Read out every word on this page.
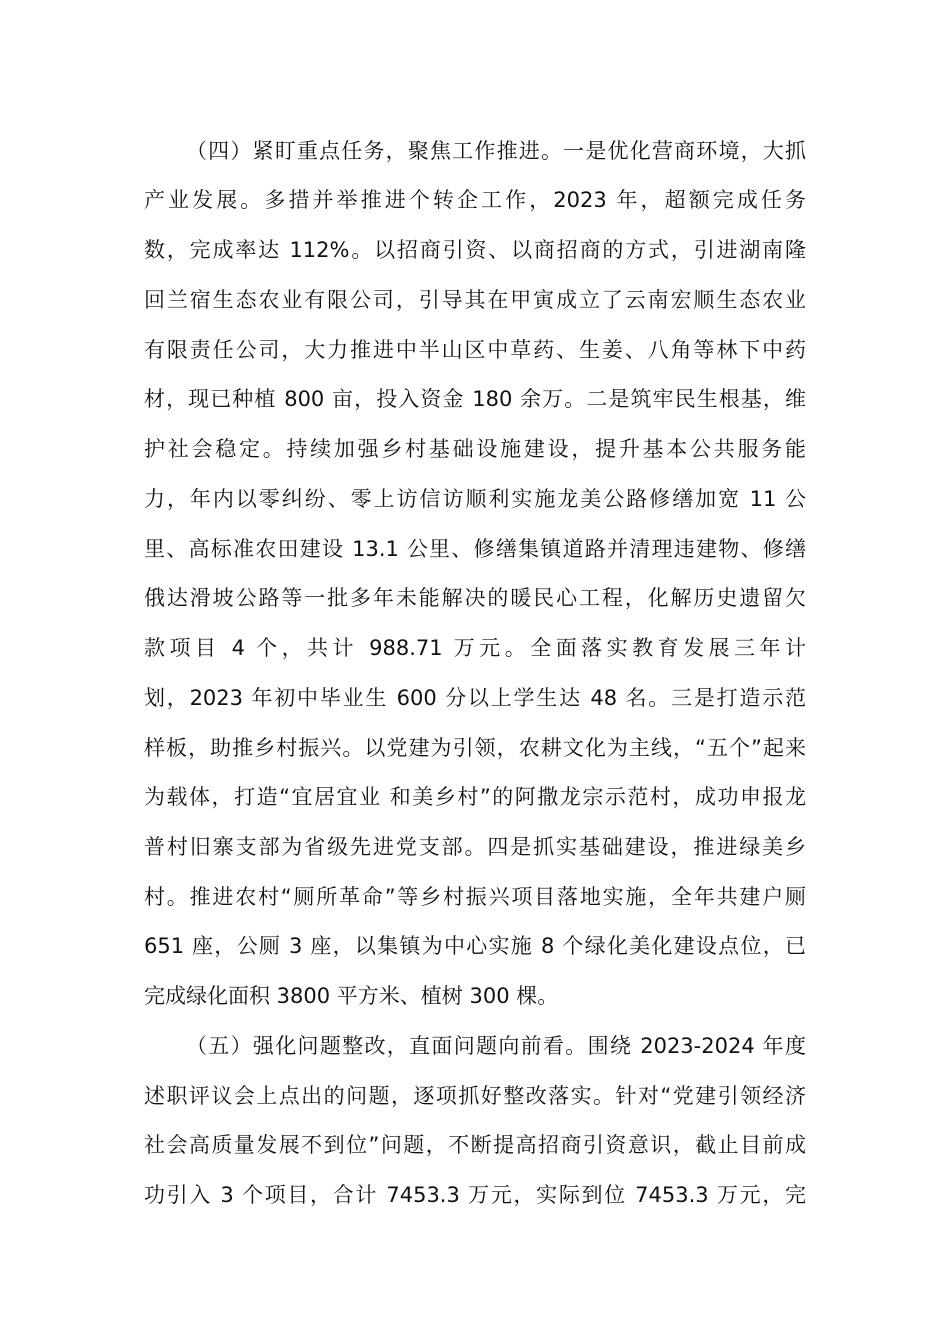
（四）紧盯重点任务，聚焦工作推进。一是优化营商环境，大抓
产业发展。多措并举推进个转企工作，2023 年，超额完成任务
数，完成率达 112%。以招商引资、以商招商的方式，引进湖南隆
回兰宿生态农业有限公司，引导其在甲寅成立了云南宏顺生态农业
有限责任公司，大力推进中半山区中草药、生姜、八角等林下中药
材，现已种植 800 亩，投入资金 180 余万。二是筑牢民生根基，维
护社会稳定。持续加强乡村基础设施建设，提升基本公共服务能
力，年内以零纠纷、零上访信访顺利实施龙美公路修缮加宽 11 公
里、高标准农田建设 13.1 公里、修缮集镇道路并清理违建物、修缮
俄达滑坡公路等一批多年未能解决的暖民心工程，化解历史遗留欠
款项目 4 个，共计 988.71 万元。全面落实教育发展三年计
划，2023 年初中毕业生 600 分以上学生达 48 名。三是打造示范
样板，助推乡村振兴。以党建为引领，农耕文化为主线，“五个”起来
为载体，打造“宜居宜业 和美乡村”的阿撒龙宗示范村，成功申报龙
普村旧寨支部为省级先进党支部。四是抓实基础建设，推进绿美乡
村。推进农村“厕所革命”等乡村振兴项目落地实施，全年共建户厕
651 座，公厕 3 座，以集镇为中心实施 8 个绿化美化建设点位，已
完成绿化面积 3800 平方米、植树 300 棵。
（五）强化问题整改，直面问题向前看。围绕 2023-2024 年度
述职评议会上点出的问题，逐项抓好整改落实。针对“党建引领经济
社会高质量发展不到位”问题，不断提高招商引资意识，截止目前成
功引入 3 个项目，合计 7453.3 万元，实际到位 7453.3 万元，完
